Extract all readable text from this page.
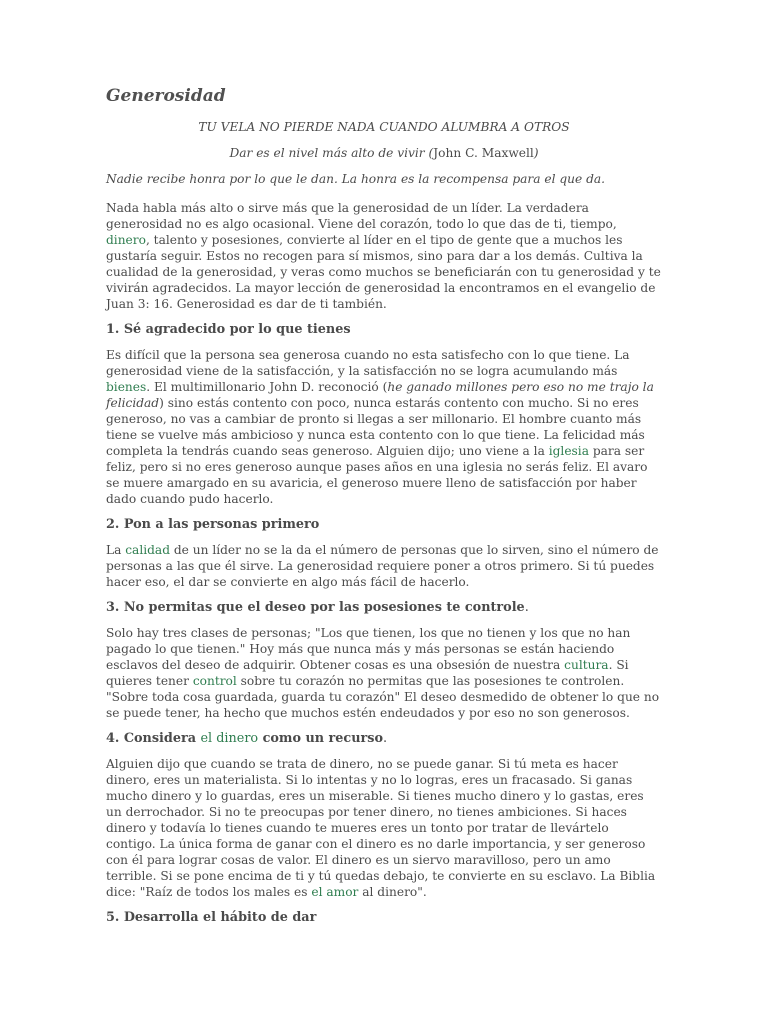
Generosidad

TU VELA NO PIERDE NADA CUANDO ALUMBRA A OTROS

Dar es el nivel más alto de vivir (John C. Maxwell)

Nadie recibe honra por lo que le dan. La honra es la recompensa para el que da.

Nada habla más alto o sirve más que la generosidad de un líder. La verdadera generosidad no es algo ocasional. Viene del corazón, todo lo que das de ti, tiempo, dinero, talento y posesiones, convierte al líder en el tipo de gente que a muchos les gustaría seguir. Estos no recogen para sí mismos, sino para dar a los demás. Cultiva la cualidad de la generosidad, y veras como muchos se beneficiarán con tu generosidad y te vivirán agradecidos. La mayor lección de generosidad la encontramos en el evangelio de Juan 3: 16. Generosidad es dar de ti también.

1. Sé agradecido por lo que tienes

Es difícil que la persona sea generosa cuando no esta satisfecho con lo que tiene. La generosidad viene de la satisfacción, y la satisfacción no se logra acumulando más bienes. El multimillonario John D. reconoció (he ganado millones pero eso no me trajo la felicidad) sino estás contento con poco, nunca estarás contento con mucho. Si no eres generoso, no vas a cambiar de pronto si llegas a ser millonario. El hombre cuanto más tiene se vuelve más ambicioso y nunca esta contento con lo que tiene. La felicidad más completa la tendrás cuando seas generoso. Alguien dijo; uno viene a la iglesia para ser feliz, pero si no eres generoso aunque pases años en una iglesia no serás feliz. El avaro se muere amargado en su avaricia, el generoso muere lleno de satisfacción por haber dado cuando pudo hacerlo.

2. Pon a las personas primero

La calidad de un líder no se la da el número de personas que lo sirven, sino el número de personas a las que él sirve. La generosidad requiere poner a otros primero. Si tú puedes hacer eso, el dar se convierte en algo más fácil de hacerlo.

3. No permitas que el deseo por las posesiones te controle.

Solo hay tres clases de personas; "Los que tienen, los que no tienen y los que no han pagado lo que tienen." Hoy más que nunca más y más personas se están haciendo esclavos del deseo de adquirir. Obtener cosas es una obsesión de nuestra cultura. Si quieres tener control sobre tu corazón no permitas que las posesiones te controlen. "Sobre toda cosa guardada, guarda tu corazón" El deseo desmedido de obtener lo que no se puede tener, ha hecho que muchos estén endeudados y por eso no son generosos.

4. Considera el dinero como un recurso.

Alguien dijo que cuando se trata de dinero, no se puede ganar. Si tú meta es hacer dinero, eres un materialista. Si lo intentas y no lo logras, eres un fracasado. Si ganas mucho dinero y lo guardas, eres un miserable. Si tienes mucho dinero y lo gastas, eres un derrochador. Si no te preocupas por tener dinero, no tienes ambiciones. Si haces dinero y todavía lo tienes cuando te mueres eres un tonto por tratar de llevártelo contigo. La única forma de ganar con el dinero es no darle importancia, y ser generoso con él para lograr cosas de valor. El dinero es un siervo maravilloso, pero un amo terrible. Si se pone encima de ti y tú quedas debajo, te convierte en su esclavo. La Biblia dice: "Raíz de todos los males es el amor al dinero".

5. Desarrolla el hábito de dar
